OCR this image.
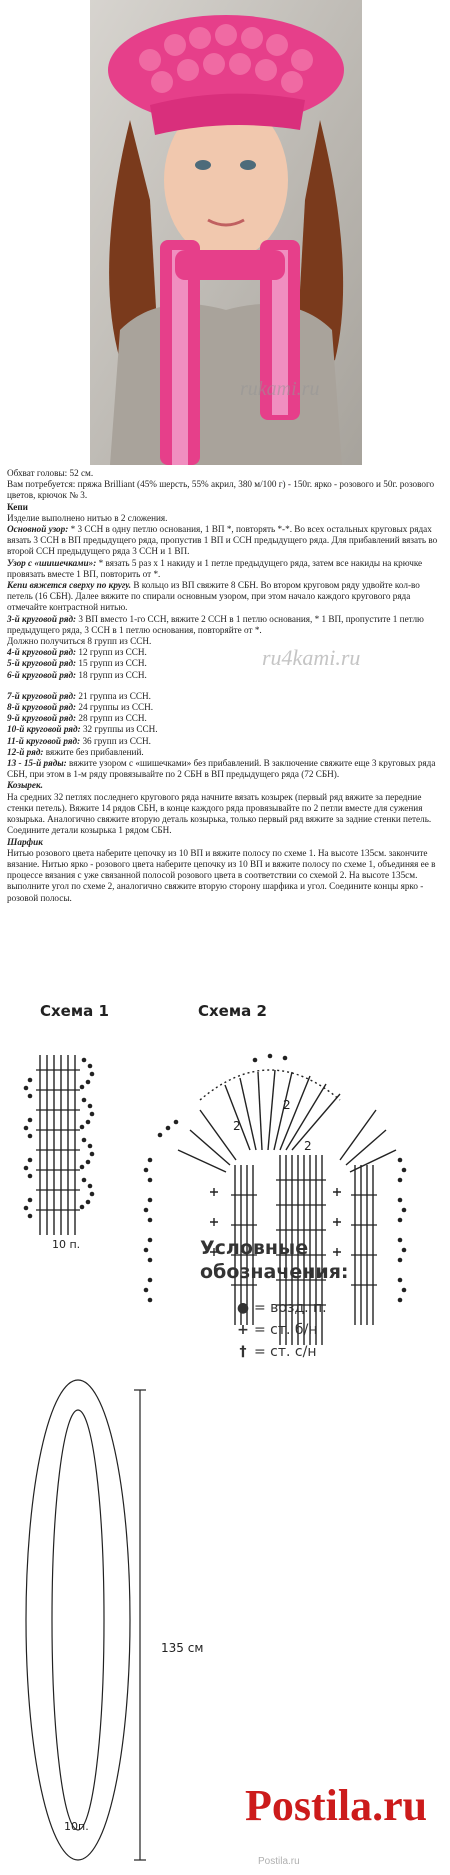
rukami.ru

Обхват головы: 52 см.

Вам потребуется: пряжа Brilliant (45% шерсть, 55% акрил, 380 м/100 г) - 150г. ярко - розового и 50г. розового цветов, крючок № 3.

Кепи

Изделие выполнено нитью в 2 сложения.

Основной узор: * 3 ССН в одну петлю основания, 1 ВП *, повторять *-*. Во всех остальных круговых рядах вязать 3 ССН в ВП предыдущего ряда, пропустив 1 ВП и ССН предыдущего ряда. Для прибавлений вязать во второй ССН предыдущего ряда 3 ССН и 1 ВП.

Узор с «шишечками»: * вязать 5 раз х 1 накиду и 1 петле предыдущего ряда, затем все накиды на крючке провязать вместе 1 ВП, повторить от *.

Кепи вяжется сверху по кругу. В кольцо из ВП свяжите 8 СБН. Во втором круговом ряду удвойте кол-во петель (16 СБН). Далее вяжите по спирали основным узором, при этом начало каждого кругового ряда отмечайте контрастной нитью.

3-й круговой ряд: 3 ВП вместо 1-го ССН, вяжите 2 ССН в 1 петлю основания, * 1 ВП, пропустите 1 петлю предыдущего ряда, 3 ССН в 1 петлю основания, повторяйте от *.

Должно получиться 8 групп из ССН.

4-й круговой ряд: 12 групп из ССН.

5-й круговой ряд: 15 групп из ССН.

6-й круговой ряд: 18 групп из ССН.
ru4kami.ru

7-й круговой ряд: 21 группа из ССН.

8-й круговой ряд: 24 группы из ССН.

9-й круговой ряд: 28 групп из ССН.

10-й круговой ряд: 32 группы из ССН.

11-й круговой ряд: 36 групп из ССН.

12-й ряд: вяжите без прибавлений.

13 - 15-й ряды: вяжите узором с «шишечками» без прибавлений. В заключение свяжите еще 3 круговых ряда СБН, при этом в 1-м ряду провязывайте по 2 СБН в ВП предыдущего ряда (72 СБН).

Козырек.

На средних 32 петлях последнего кругового ряда начните вязать козырек (первый ряд вяжите за передние стенки петель). Вяжите 14 рядов СБН, в конце каждого ряда провязывайте по 2 петли вместе для сужения козырька. Аналогично свяжите вторую деталь козырька, только первый ряд вяжите за задние стенки петель. Соедините детали козырька 1 рядом СБН.

Шарфик

Нитью розового цвета наберите цепочку из 10 ВП и вяжите полосу по схеме 1. На высоте 135см. закончите вязание. Нитью ярко - розового цвета наберите цепочку из 10 ВП и вяжите полосу по схеме 1, объединяя ее в процессе вязания с уже связанной полосой розового цвета в соответствии со схемой 2. На высоте 135см. выполните угол по схеме 2, аналогично свяжите вторую сторону шарфика и угол. Соедините концы ярко - розовой полосы.

Схема 1	Схема 2
2
2
2
10 п.
10п.
135 см
Условные
обозначения:
● = возд. п.
+ = ст. б/н
† = ст. с/н
Postila.ru
Postila.ru
